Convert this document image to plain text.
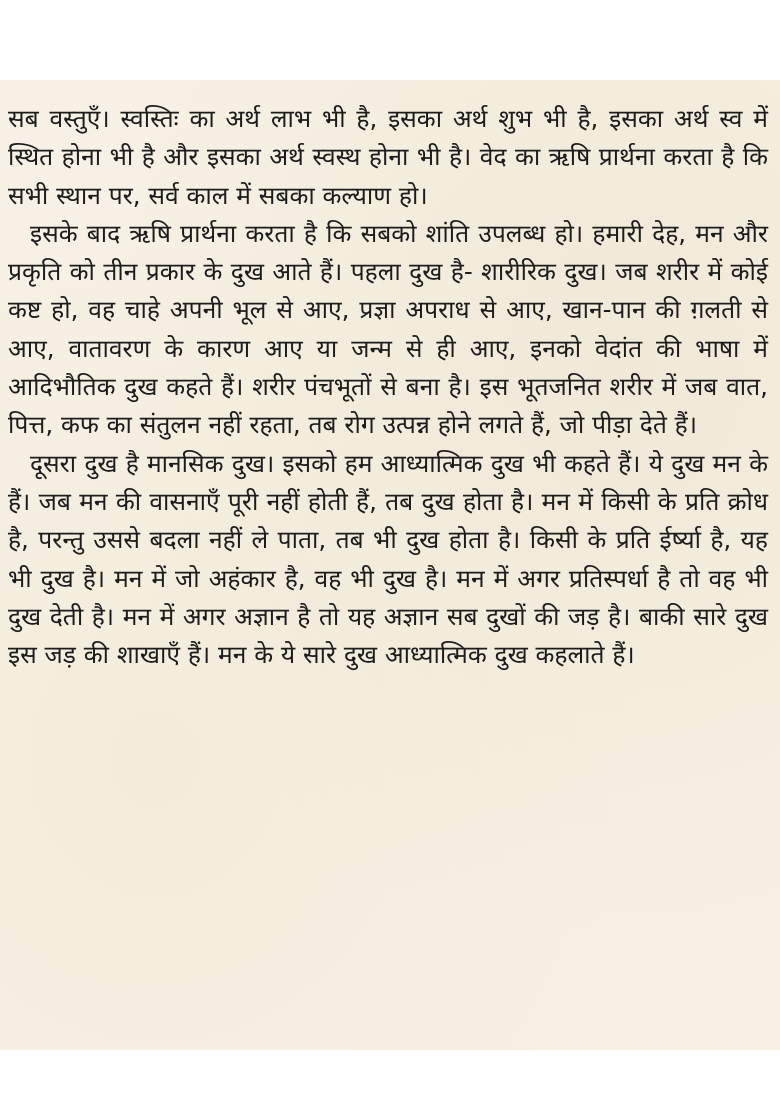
सब वस्तुएँ। स्वस्तिः का अर्थ लाभ भी है, इसका अर्थ शुभ भी है, इसका अर्थ स्व में स्थित होना भी है और इसका अर्थ स्वस्थ होना भी है। वेद का ऋषि प्रार्थना करता है कि सभी स्थान पर, सर्व काल में सबका कल्याण हो।

इसके बाद ऋषि प्रार्थना करता है कि सबको शांति उपलब्ध हो। हमारी देह, मन और प्रकृति को तीन प्रकार के दुख आते हैं। पहला दुख है- शारीरिक दुख। जब शरीर में कोई कष्ट हो, वह चाहे अपनी भूल से आए, प्रज्ञा अपराध से आए, खान-पान की ग़लती से आए, वातावरण के कारण आए या जन्म से ही आए, इनको वेदांत की भाषा में आदिभौतिक दुख कहते हैं। शरीर पंचभूतों से बना है। इस भूतजनित शरीर में जब वात, पित्त, कफ का संतुलन नहीं रहता, तब रोग उत्पन्न होने लगते हैं, जो पीड़ा देते हैं।

दूसरा दुख है मानसिक दुख। इसको हम आध्यात्मिक दुख भी कहते हैं। ये दुख मन के हैं। जब मन की वासनाएँ पूरी नहीं होती हैं, तब दुख होता है। मन में किसी के प्रति क्रोध है, परन्तु उससे बदला नहीं ले पाता, तब भी दुख होता है। किसी के प्रति ईर्ष्या है, यह भी दुख है। मन में जो अहंकार है, वह भी दुख है। मन में अगर प्रतिस्पर्धा है तो वह भी दुख देती है। मन में अगर अज्ञान है तो यह अज्ञान सब दुखों की जड़ है। बाकी सारे दुख इस जड़ की शाखाएँ हैं। मन के ये सारे दुख आध्यात्मिक दुख कहलाते हैं।
